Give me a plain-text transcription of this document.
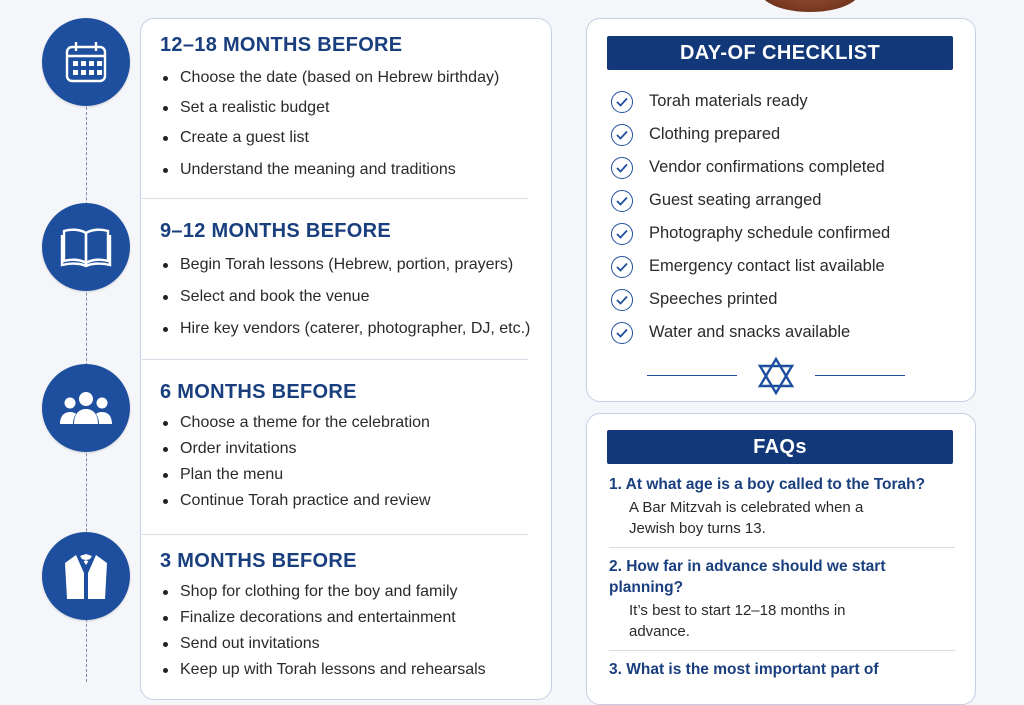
12–18 MONTHS BEFORE
Choose the date (based on Hebrew birthday)
Set a realistic budget
Create a guest list
Understand the meaning and traditions
9–12 MONTHS BEFORE
Begin Torah lessons (Hebrew, portion, prayers)
Select and book the venue
Hire key vendors (caterer, photographer, DJ, etc.)
6 MONTHS BEFORE
Choose a theme for the celebration
Order invitations
Plan the menu
Continue Torah practice and review
3 MONTHS BEFORE
Shop for clothing for the boy and family
Finalize decorations and entertainment
Send out invitations
Keep up with Torah lessons and rehearsals
DAY-OF CHECKLIST
Torah materials ready
Clothing prepared
Vendor confirmations completed
Guest seating arranged
Photography schedule confirmed
Emergency contact list available
Speeches printed
Water and snacks available
FAQs

1. At what age is a boy called to the Torah?

A Bar Mitzvah is celebrated when a Jewish boy turns 13.

2. How far in advance should we start planning?

It’s best to start 12–18 months in advance.

3. What is the most important part of
